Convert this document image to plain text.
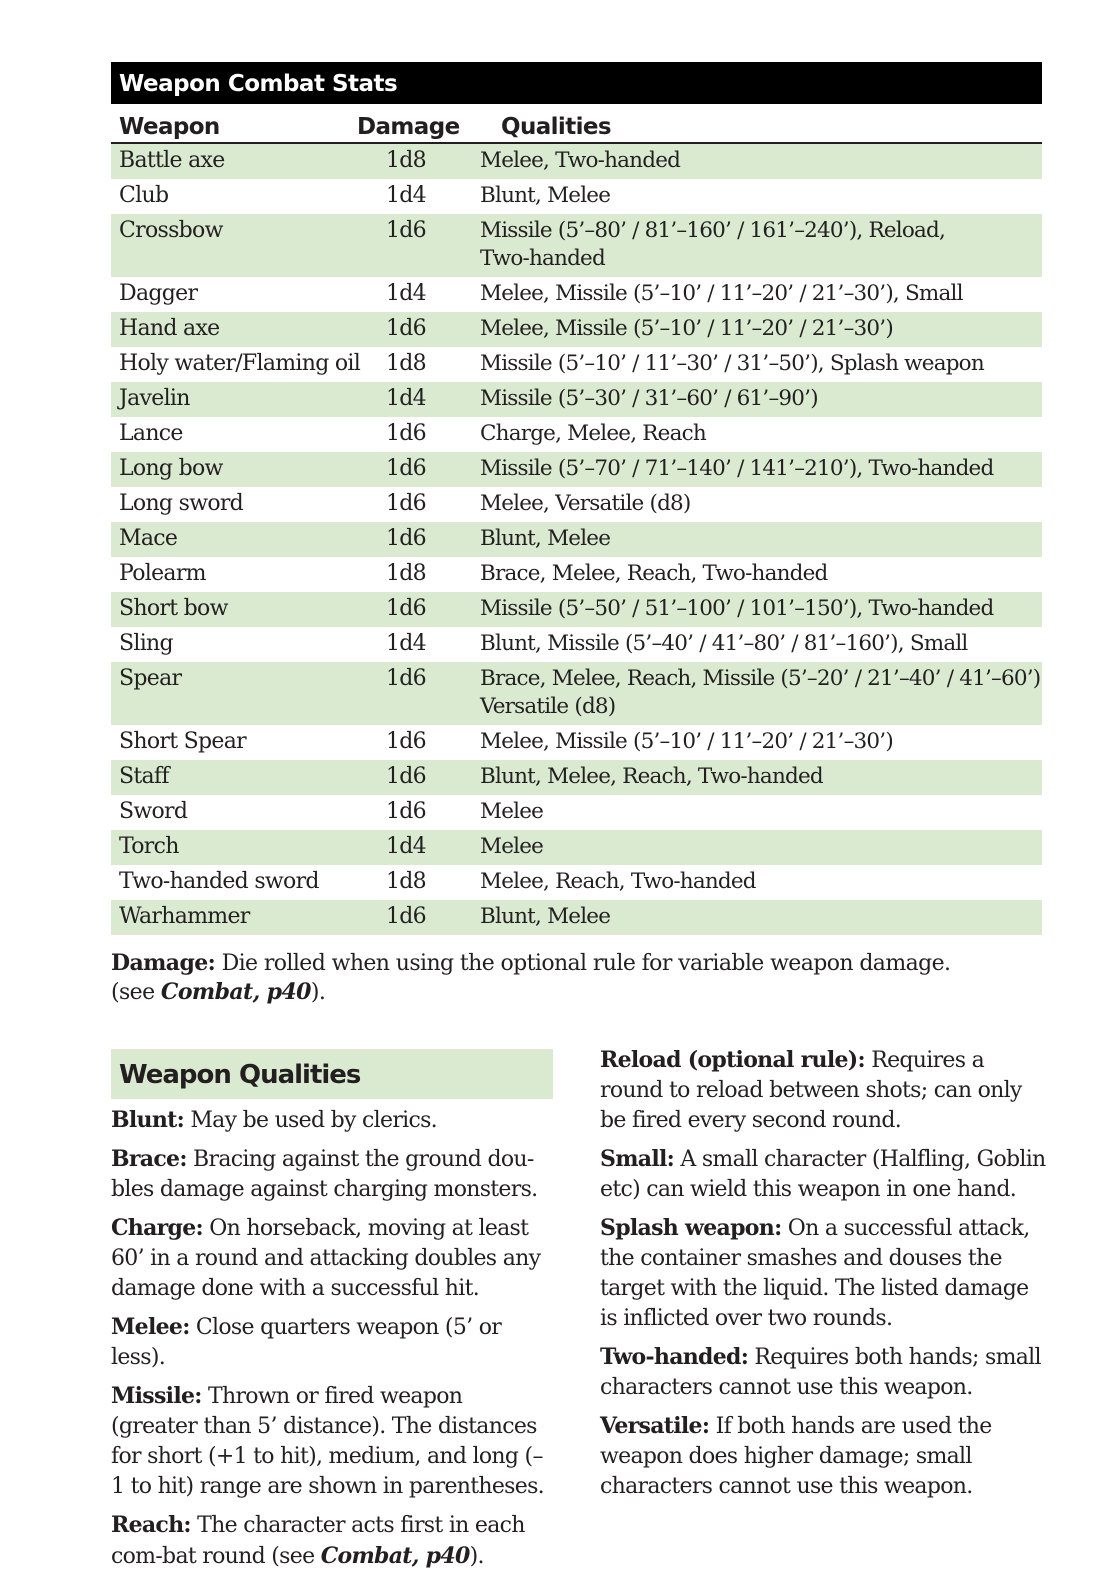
Weapon Combat Stats
Weapon	Damage	Qualities
Battle axe	1d8	Melee, Two-handed
Club	1d4	Blunt, Melee
Crossbow	1d6	Missile (5’–80’ / 81’–160’ / 161’–240’), Reload,
Two-handed
Dagger	1d4	Melee, Missile (5’–10’ / 11’–20’ / 21’–30’), Small
Hand axe	1d6	Melee, Missile (5’–10’ / 11’–20’ / 21’–30’)
Holy water/Flaming oil	1d8	Missile (5’–10’ / 11’–30’ / 31’–50’), Splash weapon
Javelin	1d4	Missile (5’–30’ / 31’–60’ / 61’–90’)
Lance	1d6	Charge, Melee, Reach
Long bow	1d6	Missile (5’–70’ / 71’–140’ / 141’–210’), Two-handed
Long sword	1d6	Melee, Versatile (d8)
Mace	1d6	Blunt, Melee
Polearm	1d8	Brace, Melee, Reach, Two-handed
Short bow	1d6	Missile (5’–50’ / 51’–100’ / 101’–150’), Two-handed
Sling	1d4	Blunt, Missile (5’–40’ / 41’–80’ / 81’–160’), Small
Spear	1d6	Brace, Melee, Reach, Missile (5’–20’ / 21’–40’ / 41’–60’)
Versatile (d8)
Short Spear	1d6	Melee, Missile (5’–10’ / 11’–20’ / 21’–30’)
Staff	1d6	Blunt, Melee, Reach, Two-handed
Sword	1d6	Melee
Torch	1d4	Melee
Two-handed sword	1d8	Melee, Reach, Two-handed
Warhammer	1d6	Blunt, Melee
Damage: Die rolled when using the optional rule for variable weapon damage.
(see Combat, p40).
Weapon Qualities
Blunt: May be used by clerics.
Brace: Bracing against the ground dou-bles damage against charging monsters.
Charge: On horseback, moving at least 60’ in a round and attacking doubles any damage done with a successful hit.
Melee: Close quarters weapon (5’ or less).
Missile: Thrown or fired weapon (greater than 5’ distance). The distances for short (+1 to hit), medium, and long (–1 to hit) range are shown in parentheses.
Reach: The character acts first in each com-bat round (see Combat, p40).
Reload (optional rule): Requires a round to reload between shots; can only be fired every second round.
Small: A small character (Halfling, Goblin etc) can wield this weapon in one hand.
Splash weapon: On a successful attack, the container smashes and douses the target with the liquid. The listed damage is inflicted over two rounds.
Two-handed: Requires both hands; small characters cannot use this weapon.
Versatile: If both hands are used the weapon does higher damage; small characters cannot use this weapon.
